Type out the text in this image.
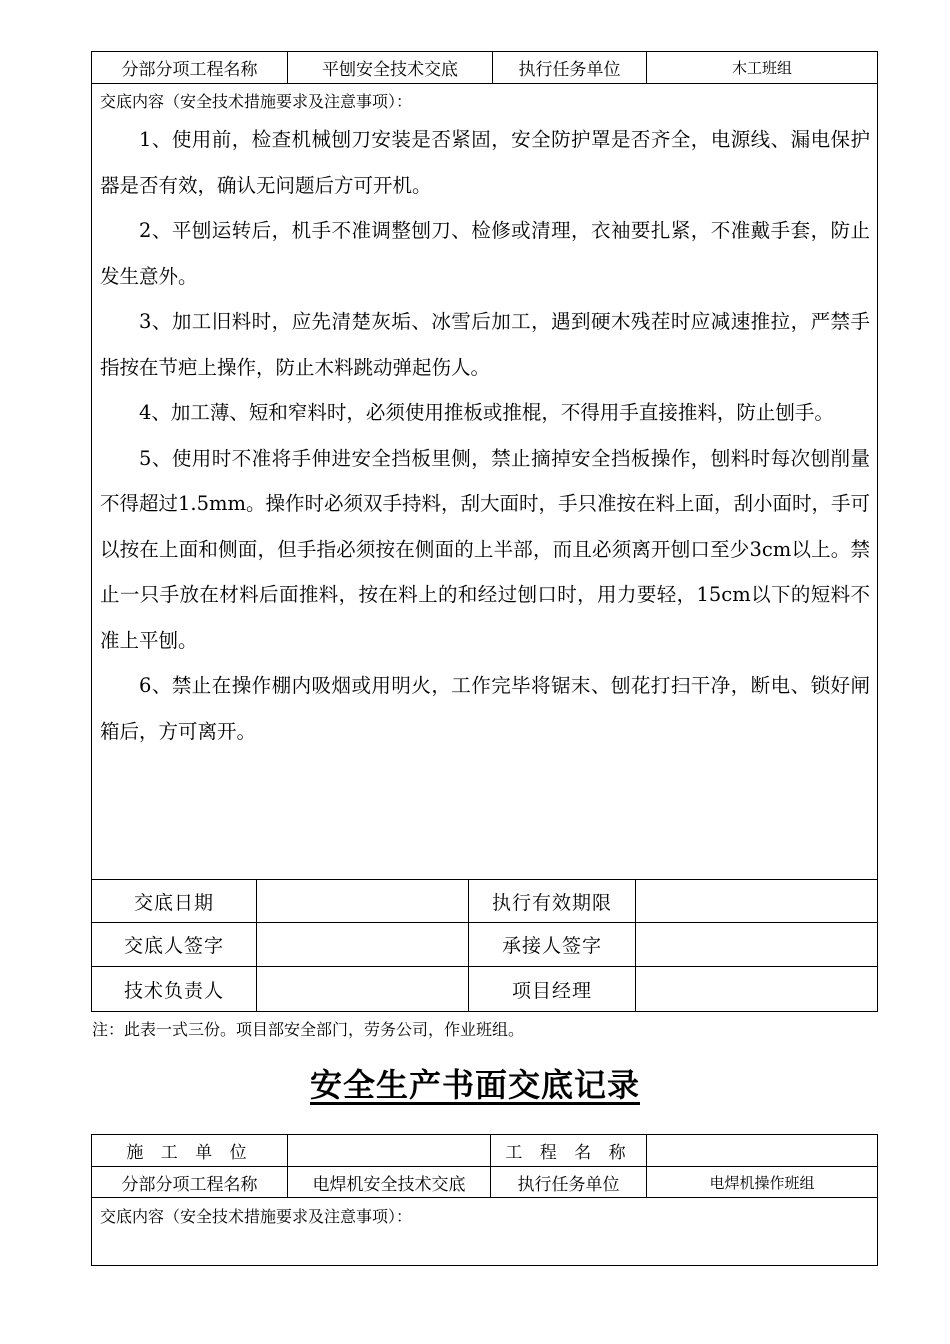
分部分项工程名称	平刨安全技术交底	执行任务单位	木工班组
交底内容（安全技术措施要求及注意事项）：

1、使用前，检查机械刨刀安装是否紧固，安全防护罩是否齐全，电源线、漏电保护器是否有效，确认无问题后方可开机。

2、平刨运转后，机手不准调整刨刀、检修或清理，衣袖要扎紧，不准戴手套，防止发生意外。

3、加工旧料时，应先清楚灰垢、冰雪后加工，遇到硬木残茬时应减速推拉，严禁手指按在节疤上操作，防止木料跳动弹起伤人。

4、加工薄、短和窄料时，必须使用推板或推棍，不得用手直接推料，防止刨手。

5、使用时不准将手伸进安全挡板里侧，禁止摘掉安全挡板操作，刨料时每次刨削量不得超过1.5mm。操作时必须双手持料，刮大面时，手只准按在料上面，刮小面时，手可以按在上面和侧面，但手指必须按在侧面的上半部，而且必须离开刨口至少3cm以上。禁止一只手放在材料后面推料，按在料上的和经过刨口时，用力要轻，15cm以下的短料不准上平刨。

6、禁止在操作棚内吸烟或用明火，工作完毕将锯末、刨花打扫干净，断电、锁好闸箱后，方可离开。

交底日期	执行有效期限
交底人签字	承接人签字
技术负责人	项目经理
注：此表一式三份。项目部安全部门，劳务公司，作业班组。
安全生产书面交底记录
施 工 单 位	工 程 名 称
分部分项工程名称	电焊机安全技术交底	执行任务单位	电焊机操作班组
交底内容（安全技术措施要求及注意事项）：
